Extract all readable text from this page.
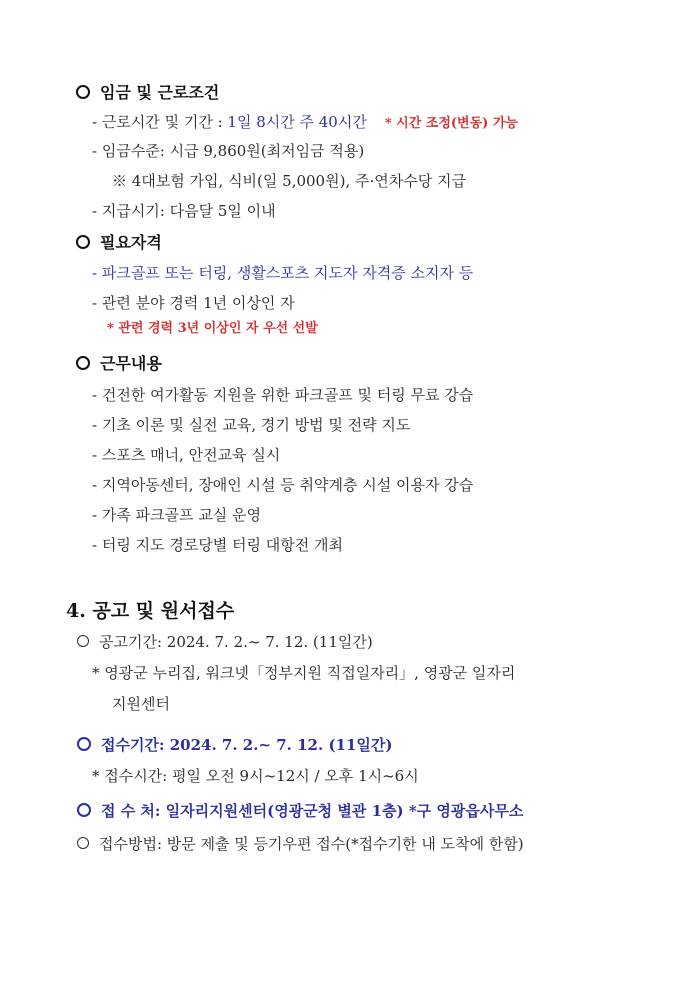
임금 및 근로조건
- 근로시간 및 기간 : 1일 8시간 주 40시간 * 시간 조정(변동) 가능
- 임금수준: 시급 9,860원(최저임금 적용)
※ 4대보험 가입, 식비(일 5,000원), 주·연차수당 지급
- 지급시기: 다음달 5일 이내
필요자격
- 파크골프 또는 터링, 생활스포츠 지도자 자격증 소지자 등
- 관련 분야 경력 1년 이상인 자
* 관련 경력 3년 이상인 자 우선 선발
근무내용
- 건전한 여가활동 지원을 위한 파크골프 및 터링 무료 강습
- 기초 이론 및 실전 교육, 경기 방법 및 전략 지도
- 스포츠 매너, 안전교육 실시
- 지역아동센터, 장애인 시설 등 취약계층 시설 이용자 강습
- 가족 파크골프 교실 운영
- 터링 지도 경로당별 터링 대항전 개최
4. 공고 및 원서접수
공고기간: 2024. 7. 2.~ 7. 12. (11일간)
* 영광군 누리집, 워크넷「정부지원 직접일자리」, 영광군 일자리
지원센터
접수기간: 2024. 7. 2.~ 7. 12. (11일간)
* 접수시간: 평일 오전 9시~12시 / 오후 1시~6시
접 수 처: 일자리지원센터(영광군청 별관 1층) *구 영광읍사무소
접수방법: 방문 제출 및 등기우편 접수(*접수기한 내 도착에 한함)
